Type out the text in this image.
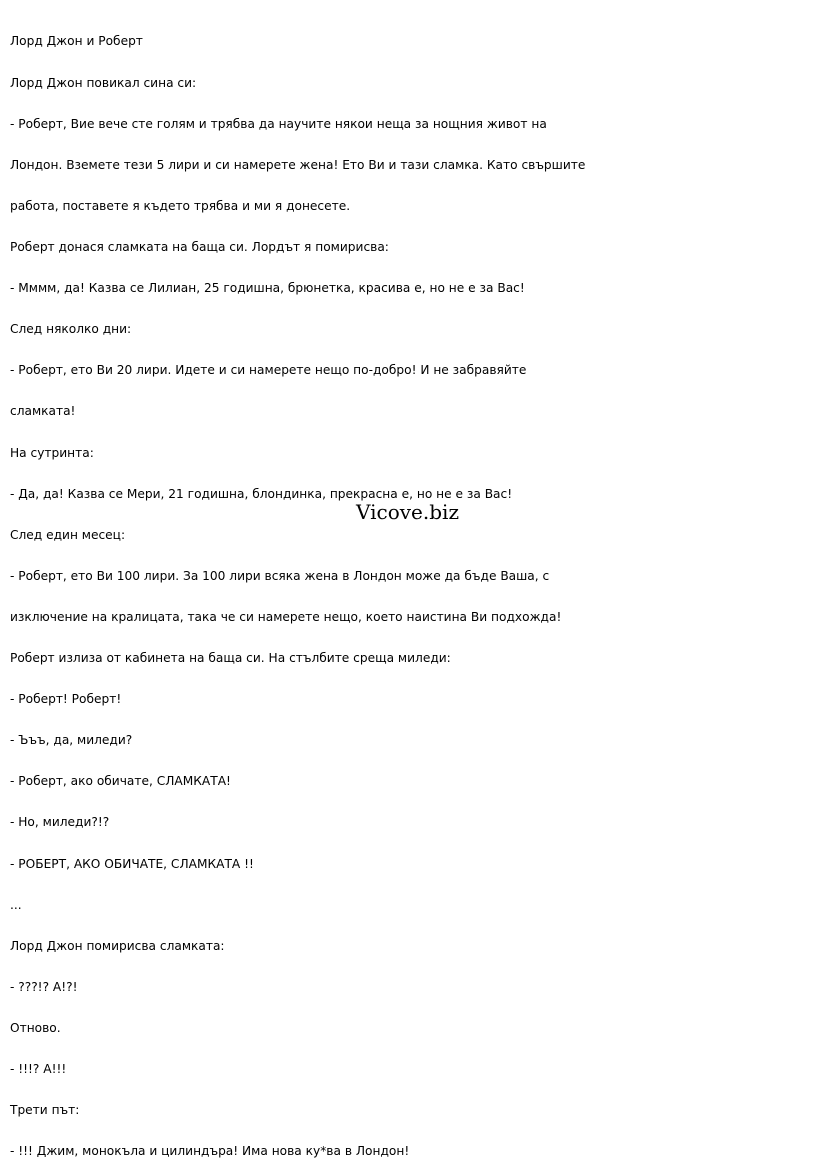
Лорд Джон и Роберт

Лорд Джон повикал сина си:

- Роберт, Вие вече сте голям и трябва да научите някои неща за нощния живот на

Лондон. Вземете тези 5 лири и си намерете жена! Ето Ви и тази сламка. Като свършите

работа, поставете я където трябва и ми я донесете.

Роберт донася сламката на баща си. Лордът я помирисва:

- Мммм, да! Казва се Лилиан, 25 годишна, брюнетка, красива е, но не е за Вас!

След няколко дни:

- Роберт, ето Ви 20 лири. Идете и си намерете нещо по-добро! И не забравяйте

сламката!

На сутринта:

- Да, да! Казва се Мери, 21 годишна, блондинка, прекрасна е, но не е за Вас!

След един месец:

- Роберт, ето Ви 100 лири. За 100 лири всяка жена в Лондон може да бъде Ваша, с

изключение на кралицата, така че си намерете нещо, което наистина Ви подхожда!

Роберт излиза от кабинета на баща си. На стълбите среща миледи:

- Роберт! Роберт!

- Ъъъ, да, миледи?

- Роберт, ако обичате, СЛАМКАТА!

- Но, миледи?!?

- РОБЕРТ, АКО ОБИЧАТЕ, СЛАМКАТА !!

...

Лорд Джон помирисва сламката:

- ???!? А!?!

Отново.

- !!!? А!!!

Трети път:

- !!! Джим, монокъла и цилиндъра! Има нова ку*ва в Лондон!

Vicove.biz
